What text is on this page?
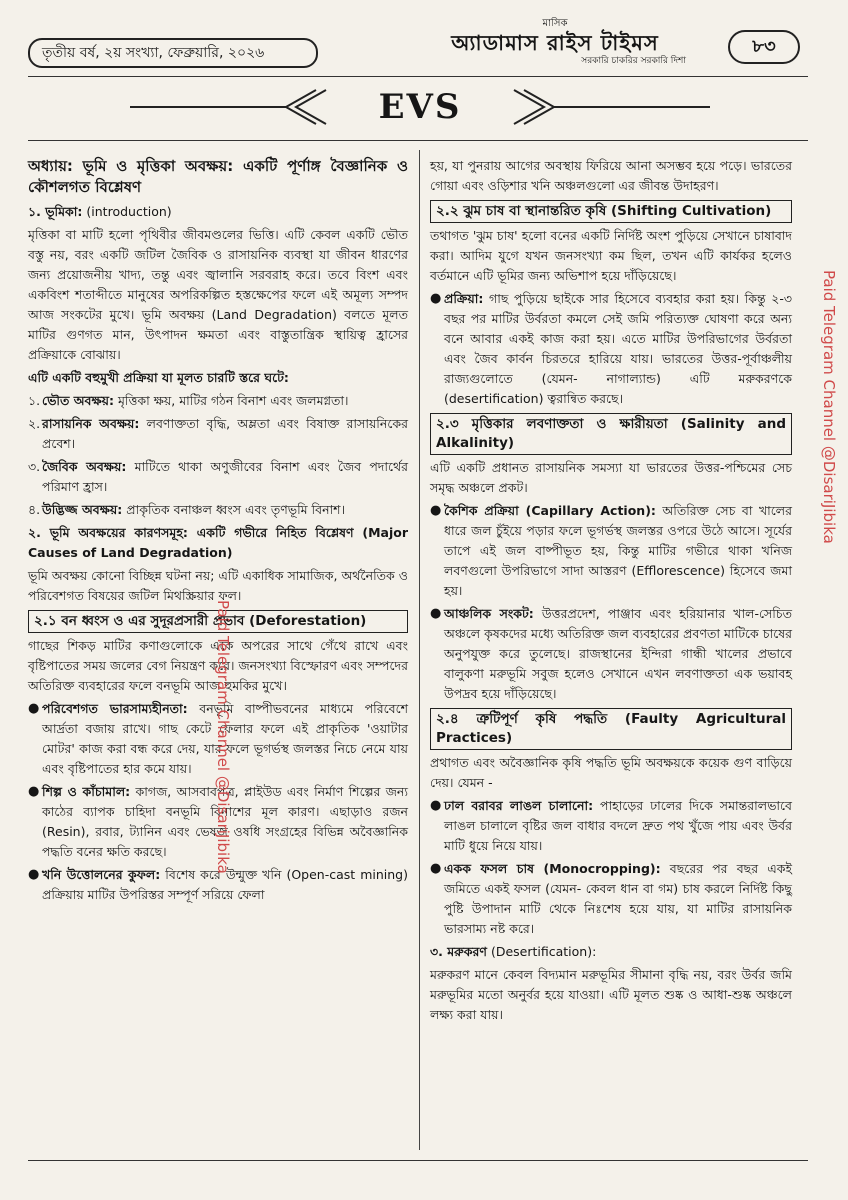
তৃতীয় বর্ষ, ২য় সংখ্যা, ফেব্রুয়ারি, ২০২৬
মাসিক
অ্যাডামাস রাইস টাইমস
সরকারি চাকরির সরকারি দিশা
৮৩
EVS
অধ্যায়: ভূমি ও মৃত্তিকা অবক্ষয়: একটি পূর্ণাঙ্গ বৈজ্ঞানিক ও কৌশলগত বিশ্লেষণ

১. ভূমিকা: (introduction)

মৃত্তিকা বা মাটি হলো পৃথিবীর জীবমণ্ডলের ভিত্তি। এটি কেবল একটি ভৌত বস্তু নয়, বরং একটি জটিল জৈবিক ও রাসায়নিক ব্যবস্থা যা জীবন ধারণের জন্য প্রয়োজনীয় খাদ্য, তন্তু এবং জ্বালানি সরবরাহ করে। তবে বিংশ এবং একবিংশ শতাব্দীতে মানুষের অপরিকল্পিত হস্তক্ষেপের ফলে এই অমূল্য সম্পদ আজ সংকটের মুখে। ভূমি অবক্ষয় (Land Degradation) বলতে মূলত মাটির গুণগত মান, উৎপাদন ক্ষমতা এবং বাস্তুতান্ত্রিক স্থায়িত্ব হ্রাসের প্রক্রিয়াকে বোঝায়।

এটি একটি বহুমুখী প্রক্রিয়া যা মূলত চারটি স্তরে ঘটে:

১. ভৌত অবক্ষয়: মৃত্তিকা ক্ষয়, মাটির গঠন বিনাশ এবং জলমগ্নতা।
২. রাসায়নিক অবক্ষয়: লবণাক্ততা বৃদ্ধি, অম্লতা এবং বিষাক্ত রাসায়নিকের প্রবেশ।
৩. জৈবিক অবক্ষয়: মাটিতে থাকা অণুজীবের বিনাশ এবং জৈব পদার্থের পরিমাণ হ্রাস।
৪. উদ্ভিজ্জ অবক্ষয়: প্রাকৃতিক বনাঞ্চল ধ্বংস এবং তৃণভূমি বিনাশ।

২. ভূমি অবক্ষয়ের কারণসমূহ: একটি গভীরে নিহিত বিশ্লেষণ (Major Causes of Land Degradation)

ভূমি অবক্ষয় কোনো বিচ্ছিন্ন ঘটনা নয়; এটি একাধিক সামাজিক, অর্থনৈতিক ও পরিবেশগত বিষয়ের জটিল মিথস্ক্রিয়ার ফল।

২.১ বন ধ্বংস ও এর সুদূরপ্রসারী প্রভাব (Deforestation)

গাছের শিকড় মাটির কণাগুলোকে একে অপরের সাথে গেঁথে রাখে এবং বৃষ্টিপাতের সময় জলের বেগ নিয়ন্ত্রণ করে। জনসংখ্যা বিস্ফোরণ এবং সম্পদের অতিরিক্ত ব্যবহারের ফলে বনভূমি আজ হুমকির মুখে।

● পরিবেশগত ভারসাম্যহীনতা: বনভূমি বাষ্পীভবনের মাধ্যমে পরিবেশে আর্দ্রতা বজায় রাখে। গাছ কেটে ফেলার ফলে এই প্রাকৃতিক 'ওয়াটার মোটর' কাজ করা বন্ধ করে দেয়, যার ফলে ভূগর্ভস্থ জলস্তর নিচে নেমে যায় এবং বৃষ্টিপাতের হার কমে যায়।
● শিল্প ও কাঁচামাল: কাগজ, আসবাবপত্র, প্লাইউড এবং নির্মাণ শিল্পের জন্য কাঠের ব্যাপক চাহিদা বনভূমি বিনাশের মূল কারণ। এছাড়াও রজন (Resin), রবার, ট্যানিন এবং ভেষজ ওষধি সংগ্রহের বিভিন্ন অবৈজ্ঞানিক পদ্ধতি বনের ক্ষতি করছে।
● খনি উত্তোলনের কুফল: বিশেষ করে উন্মুক্ত খনি (Open-cast mining) প্রক্রিয়ায় মাটির উপরিস্তর সম্পূর্ণ সরিয়ে ফেলা

হয়, যা পুনরায় আগের অবস্থায় ফিরিয়ে আনা অসম্ভব হয়ে পড়ে। ভারতের গোয়া এবং ওড়িশার খনি অঞ্চলগুলো এর জীবন্ত উদাহরণ।

২.২ ঝুম চাষ বা স্থানান্তরিত কৃষি (Shifting Cultivation)

তথাগত 'ঝুম চাষ' হলো বনের একটি নির্দিষ্ট অংশ পুড়িয়ে সেখানে চাষাবাদ করা। আদিম যুগে যখন জনসংখ্যা কম ছিল, তখন এটি কার্যকর হলেও বর্তমানে এটি ভূমির জন্য অভিশাপ হয়ে দাঁড়িয়েছে।

● প্রক্রিয়া: গাছ পুড়িয়ে ছাইকে সার হিসেবে ব্যবহার করা হয়। কিন্তু ২-৩ বছর পর মাটির উর্বরতা কমলে সেই জমি পরিত্যক্ত ঘোষণা করে অন্য বনে আবার একই কাজ করা হয়। এতে মাটির উপরিভাগের উর্বরতা এবং জৈব কার্বন চিরতরে হারিয়ে যায়। ভারতের উত্তর-পূর্বাঞ্চলীয় রাজ্যগুলোতে (যেমন- নাগাল্যান্ড) এটি মরুকরণকে (desertification) ত্বরান্বিত করছে।
২.৩ মৃত্তিকার লবণাক্ততা ও ক্ষারীয়তা (Salinity and Alkalinity)

এটি একটি প্রধানত রাসায়নিক সমস্যা যা ভারতের উত্তর-পশ্চিমের সেচ সমৃদ্ধ অঞ্চলে প্রকট।

● কৈশিক প্রক্রিয়া (Capillary Action): অতিরিক্ত সেচ বা খালের ধারে জল চুঁইয়ে পড়ার ফলে ভূগর্ভস্থ জলস্তর ওপরে উঠে আসে। সূর্যের তাপে এই জল বাষ্পীভূত হয়, কিন্তু মাটির গভীরে থাকা খনিজ লবণগুলো উপরিভাগে সাদা আস্তরণ (Efflorescence) হিসেবে জমা হয়।
● আঞ্চলিক সংকট: উত্তরপ্রদেশ, পাঞ্জাব এবং হরিয়ানার খাল-সেচিত অঞ্চলে কৃষকদের মধ্যে অতিরিক্ত জল ব্যবহারের প্রবণতা মাটিকে চাষের অনুপযুক্ত করে তুলেছে। রাজস্থানের ইন্দিরা গান্ধী খালের প্রভাবে বালুকণা মরুভূমি সবুজ হলেও সেখানে এখন লবণাক্ততা এক ভয়াবহ উপদ্রব হয়ে দাঁড়িয়েছে।
২.৪ ত্রুটিপূর্ণ কৃষি পদ্ধতি (Faulty Agricultural Practices)

প্রথাগত এবং অবৈজ্ঞানিক কৃষি পদ্ধতি ভূমি অবক্ষয়কে কয়েক গুণ বাড়িয়ে দেয়। যেমন -

● ঢাল বরাবর লাঙল চালানো: পাহাড়ের ঢালের দিকে সমান্তরালভাবে লাঙল চালালে বৃষ্টির জল বাধার বদলে দ্রুত পথ খুঁজে পায় এবং উর্বর মাটি ধুয়ে নিয়ে যায়।
● একক ফসল চাষ (Monocropping): বছরের পর বছর একই জমিতে একই ফসল (যেমন- কেবল ধান বা গম) চাষ করলে নির্দিষ্ট কিছু পুষ্টি উপাদান মাটি থেকে নিঃশেষ হয়ে যায়, যা মাটির রাসায়নিক ভারসাম্য নষ্ট করে।

৩. মরুকরণ (Desertification):

মরুকরণ মানে কেবল বিদ্যমান মরুভূমির সীমানা বৃদ্ধি নয়, বরং উর্বর জমি মরুভূমির মতো অনুর্বর হয়ে যাওয়া। এটি মূলত শুষ্ক ও আধা-শুষ্ক অঞ্চলে লক্ষ্য করা যায়।

Paid Telegram Channel @DisariJibika
Paid Telegram Channel @DisariJibika
